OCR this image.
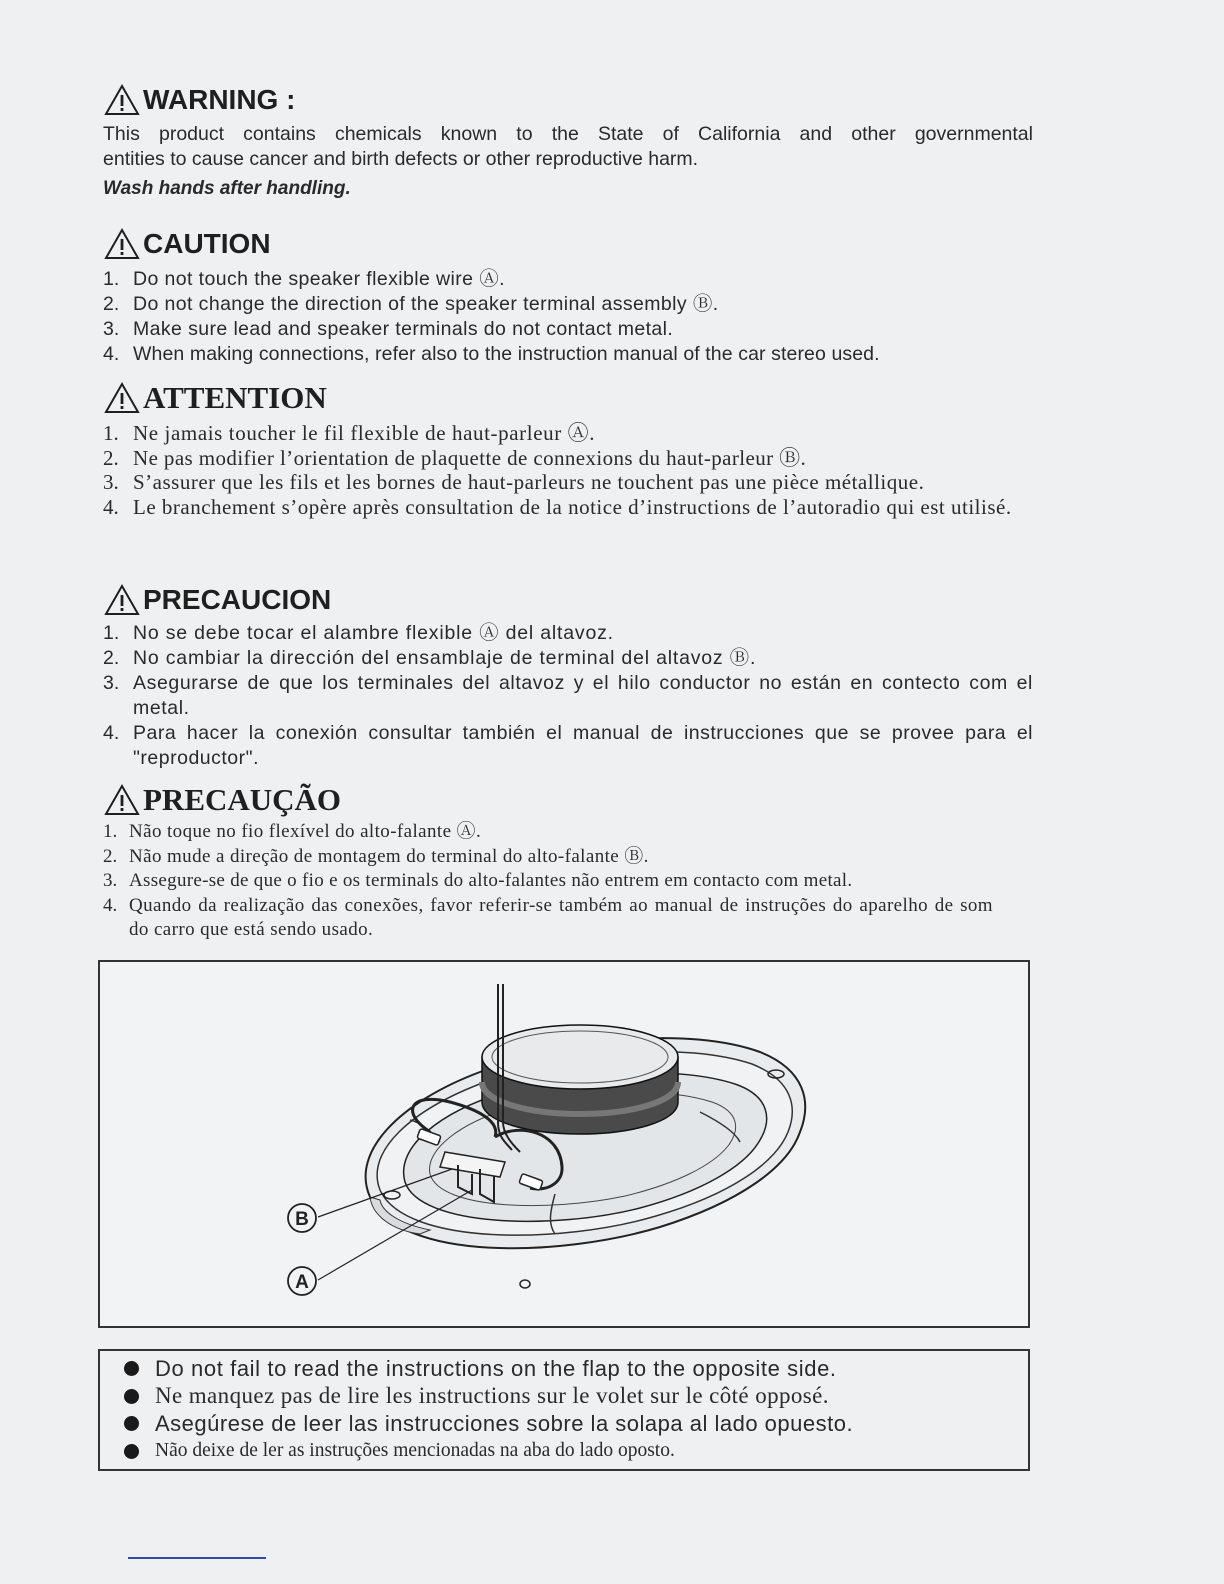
WARNING :

This product contains chemicals known to the State of California and other governmental

entities to cause cancer and birth defects or other reproductive harm.

Wash hands after handling.
CAUTION
1. Do not touch the speaker flexible wire Ⓐ.
2. Do not change the direction of the speaker terminal assembly Ⓑ.
3. Make sure lead and speaker terminals do not contact metal.
4. When making connections, refer also to the instruction manual of the car stereo used.
ATTENTION
1. Ne jamais toucher le fil flexible de haut-parleur Ⓐ.
2. Ne pas modifier l’orientation de plaquette de connexions du haut-parleur Ⓑ.
3. S’assurer que les fils et les bornes de haut-parleurs ne touchent pas une pièce métallique.
4. Le branchement s’opère après consultation de la notice d’instructions de l’autoradio qui est utilisé.
PRECAUCION
1. No se debe tocar el alambre flexible Ⓐ del altavoz.
2. No cambiar la dirección del ensamblaje de terminal del altavoz Ⓑ.
3. Asegurarse de que los terminales del altavoz y el hilo conductor no están en contecto com el metal.
4. Para hacer la conexión consultar también el manual de instrucciones que se provee para el "reproductor".
PRECAUÇÃO
1. Não toque no fio flexível do alto-falante Ⓐ.
2. Não mude a direção de montagem do terminal do alto-falante Ⓑ.
3. Assegure-se de que o fio e os terminals do alto-falantes não entrem em contacto com metal.
4. Quando da realização das conexões, favor referir-se também ao manual de instruções do aparelho de som do carro que está sendo usado.
B
A
Do not fail to read the instructions on the flap to the opposite side.
Ne manquez pas de lire les instructions sur le volet sur le côté opposé.
Asegúrese de leer las instrucciones sobre la solapa al lado opuesto.
Não deixe de ler as instruções mencionadas na aba do lado oposto.
